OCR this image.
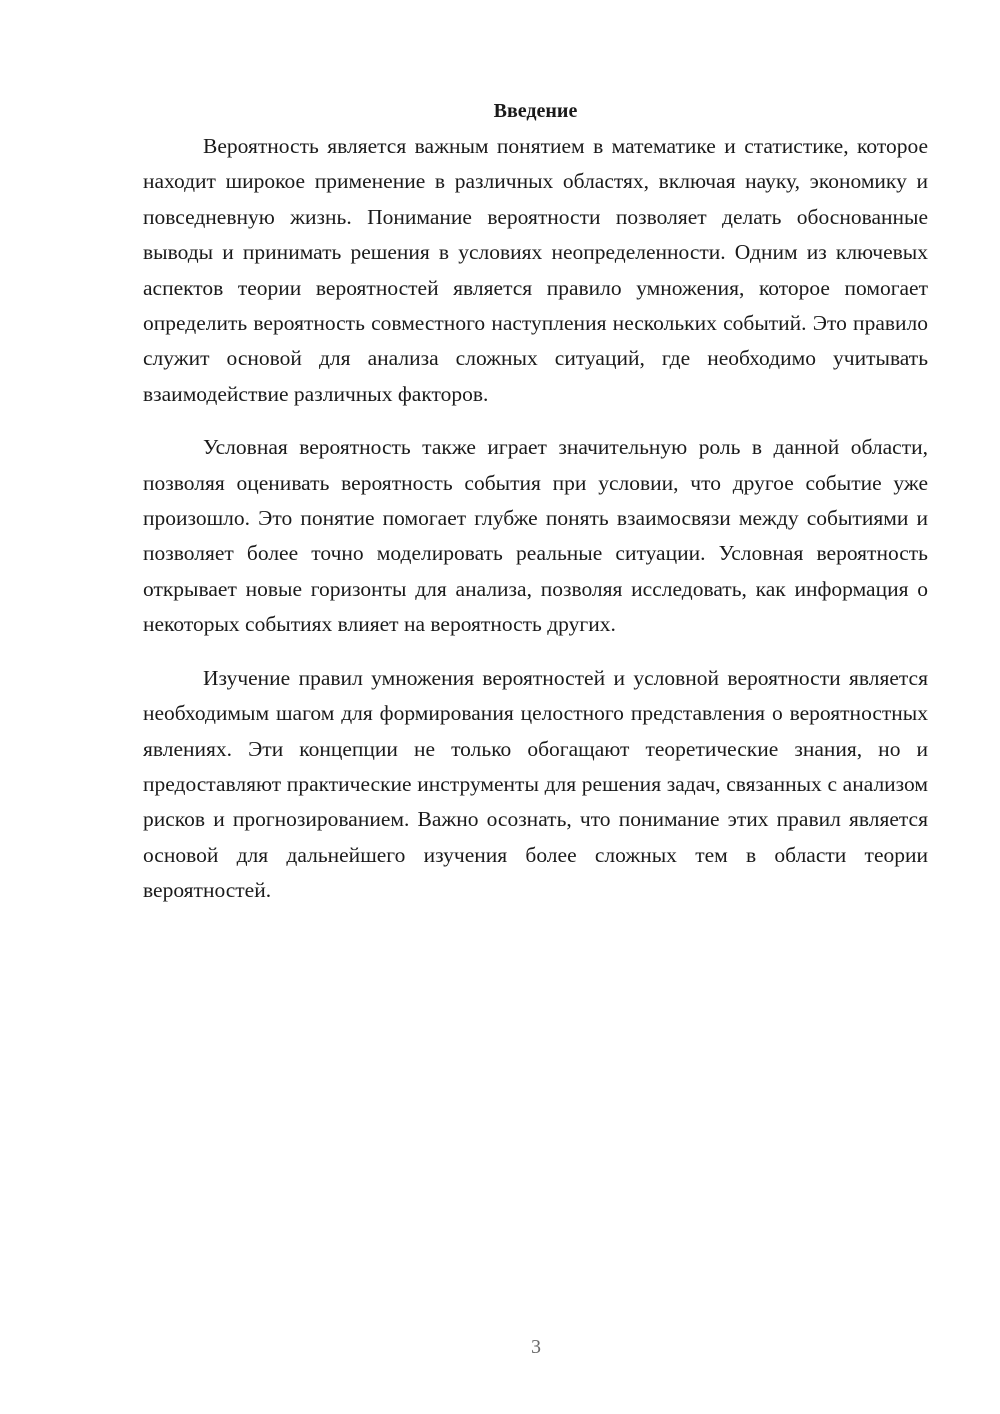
Введение

Вероятность является важным понятием в математике и статистике, которое находит широкое применение в различных областях, включая науку, экономику и повседневную жизнь. Понимание вероятности позволяет делать обоснованные выводы и принимать решения в условиях неопределенности. Одним из ключевых аспектов теории вероятностей является правило умножения, которое помогает определить вероятность совместного наступления нескольких событий. Это правило служит основой для анализа сложных ситуаций, где необходимо учитывать взаимодействие различных факторов.

Условная вероятность также играет значительную роль в данной области, позволяя оценивать вероятность события при условии, что другое событие уже произошло. Это понятие помогает глубже понять взаимосвязи между событиями и позволяет более точно моделировать реальные ситуации. Условная вероятность открывает новые горизонты для анализа, позволяя исследовать, как информация о некоторых событиях влияет на вероятность других.

Изучение правил умножения вероятностей и условной вероятности является необходимым шагом для формирования целостного представления о вероятностных явлениях. Эти концепции не только обогащают теоретические знания, но и предоставляют практические инструменты для решения задач, связанных с анализом рисков и прогнозированием. Важно осознать, что понимание этих правил является основой для дальнейшего изучения более сложных тем в области теории вероятностей.

3
